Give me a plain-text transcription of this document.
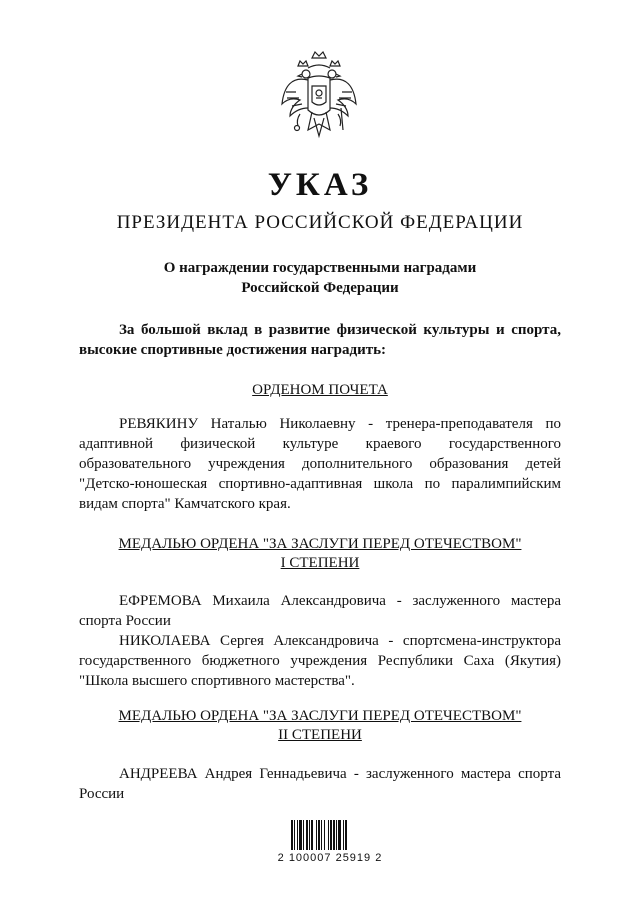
УКАЗ
ПРЕЗИДЕНТА РОССИЙСКОЙ ФЕДЕРАЦИИ
О награждении государственными наградами
Российской Федерации
За большой вклад в развитие физической культуры и спорта, высокие спортивные достижения наградить:
ОРДЕНОМ ПОЧЕТА
РЕВЯКИНУ Наталью Николаевну - тренера-преподавателя по адаптивной физической культуре краевого государственного образовательного учреждения дополнительного образования детей "Детско-юношеская спортивно-адаптивная школа по паралимпийским видам спорта" Камчатского края.
МЕДАЛЬЮ ОРДЕНА "ЗА ЗАСЛУГИ ПЕРЕД ОТЕЧЕСТВОМ"
I СТЕПЕНИ
ЕФРЕМОВА Михаила Александровича - заслуженного мастера спорта России
НИКОЛАЕВА Сергея Александровича - спортсмена-инструктора государственного бюджетного учреждения Республики Саха (Якутия) "Школа высшего спортивного мастерства".
МЕДАЛЬЮ ОРДЕНА "ЗА ЗАСЛУГИ ПЕРЕД ОТЕЧЕСТВОМ"
II СТЕПЕНИ
АНДРЕЕВА Андрея Геннадьевича - заслуженного мастера спорта России
2 100007 25919 2
